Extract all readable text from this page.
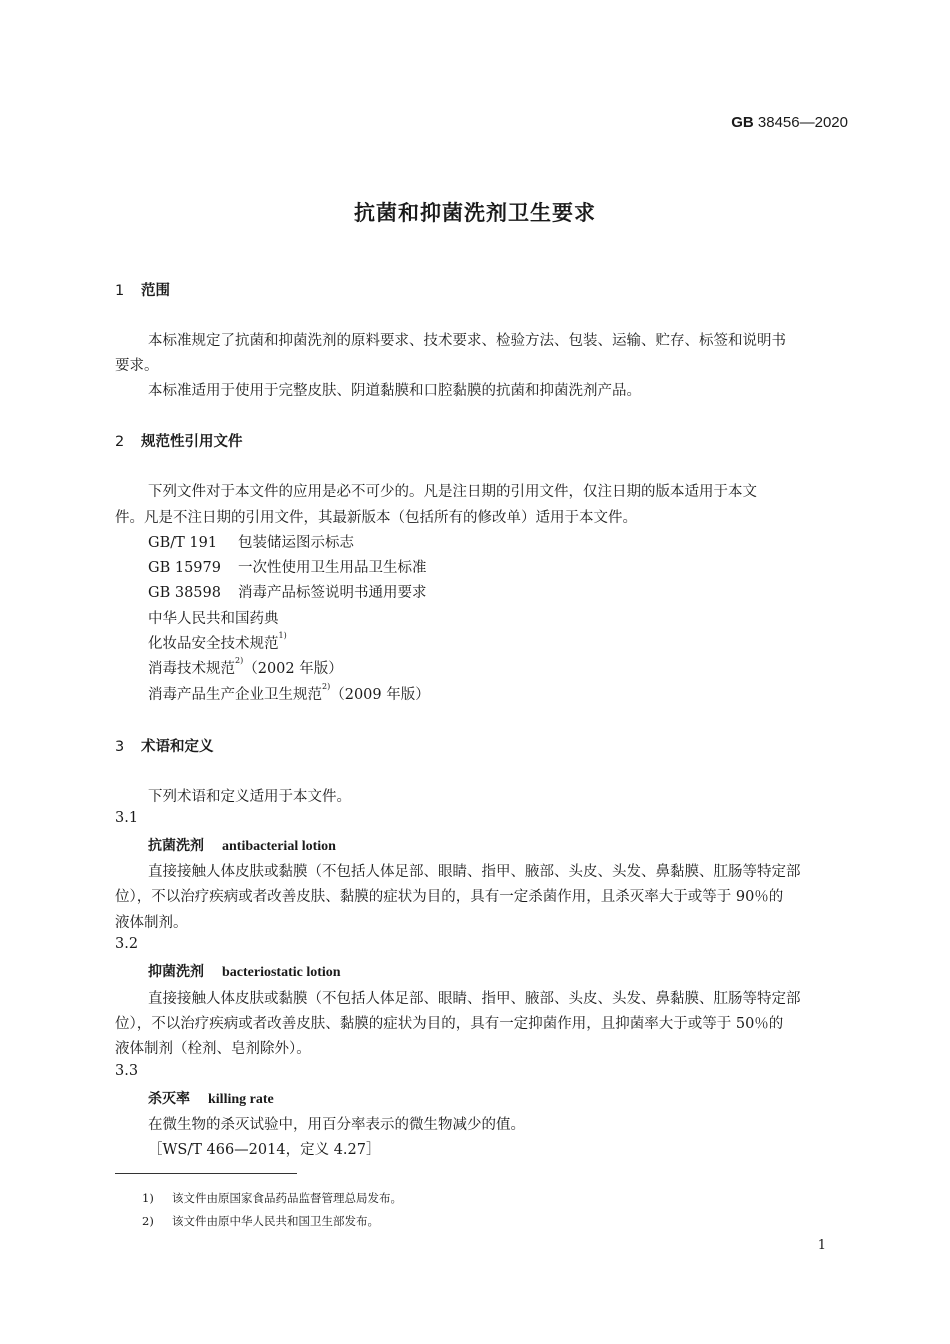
GB 38456—2020
抗菌和抑菌洗剂卫生要求
1 范围
本标准规定了抗菌和抑菌洗剂的原料要求、技术要求、检验方法、包装、运输、贮存、标签和说明书
要求。
本标准适用于使用于完整皮肤、阴道黏膜和口腔黏膜的抗菌和抑菌洗剂产品。
2 规范性引用文件
下列文件对于本文件的应用是必不可少的。凡是注日期的引用文件，仅注日期的版本适用于本文
件。凡是不注日期的引用文件，其最新版本（包括所有的修改单）适用于本文件。
GB/T 191 包装储运图示标志
GB 15979 一次性使用卫生用品卫生标准
GB 38598 消毒产品标签说明书通用要求
中华人民共和国药典
化妆品安全技术规范$^{1)}$
消毒技术规范$^{2)}$（2002 年版）
消毒产品生产企业卫生规范$^{2)}$（2009 年版）
3 术语和定义
下列术语和定义适用于本文件。
3.1
抗菌洗剂 antibacterial lotion
直接接触人体皮肤或黏膜（不包括人体足部、眼睛、指甲、腋部、头皮、头发、鼻黏膜、肛肠等特定部
位），不以治疗疾病或者改善皮肤、黏膜的症状为目的，具有一定杀菌作用，且杀灭率大于或等于 90％的
液体制剂。
3.2
抑菌洗剂 bacteriostatic lotion
直接接触人体皮肤或黏膜（不包括人体足部、眼睛、指甲、腋部、头皮、头发、鼻黏膜、肛肠等特定部
位），不以治疗疾病或者改善皮肤、黏膜的症状为目的，具有一定抑菌作用，且抑菌率大于或等于 50％的
液体制剂（栓剂、皂剂除外）。
3.3
杀灭率 killing rate
在微生物的杀灭试验中，用百分率表示的微生物减少的值。
［WS/T 466—2014，定义 4.27］
1) 该文件由原国家食品药品监督管理总局发布。
2) 该文件由原中华人民共和国卫生部发布。
1
